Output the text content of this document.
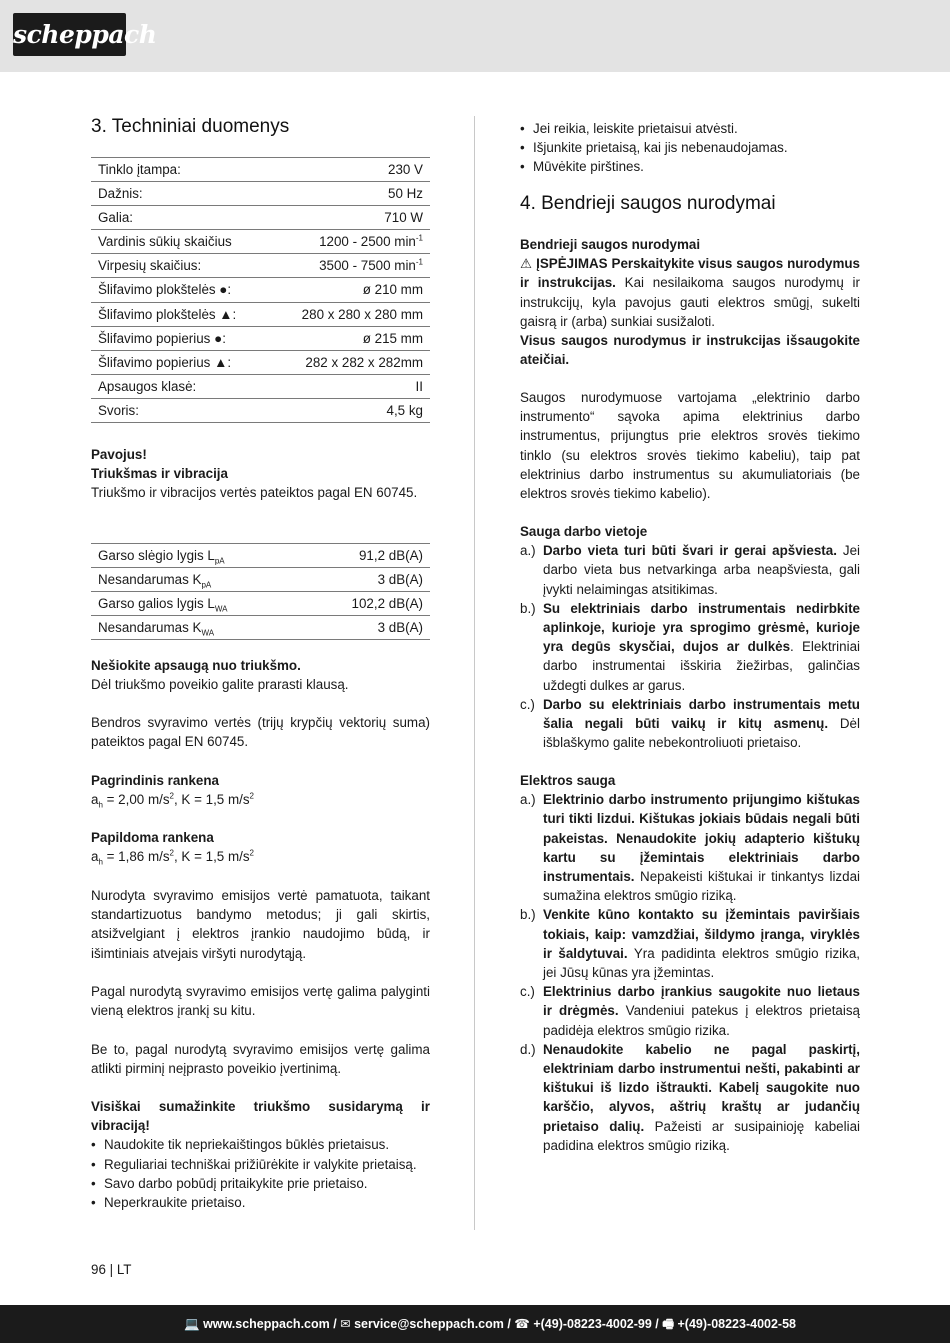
scheppach
3. Techniniai duomenys
Tinklo įtampa:	230 V
Dažnis:	50 Hz
Galia:	710 W
Vardinis sūkių skaičius	1200 - 2500 $\min^{-1}$
Virpesių skaičius:	3500 - 7500 $\min^{-1}$
Šlifavimo plokštelės ●:	ø 210 mm
Šlifavimo plokštelės ▲:	280 x 280 x 280 mm
Šlifavimo popierius ●:	ø 215 mm
Šlifavimo popierius ▲:	282 x 282 x 282mm
Apsaugos klasė:	II
Svoris:	4,5 kg
Pavojus!
Triukšmas ir vibracija
Triukšmo ir vibracijos vertės pateiktos pagal EN 60745.
Garso slėgio lygis $L_{pA}$	91,2 dB(A)
Nesandarumas $K_{pA}$	3 dB(A)
Garso galios lygis $L_{WA}$	102,2 dB(A)
Nesandarumas $K_{WA}$	3 dB(A)
Nešiokite apsaugą nuo triukšmo.
Dėl triukšmo poveikio galite prarasti klausą.
Bendros svyravimo vertės (trijų krypčių vektorių suma) pateiktos pagal EN 60745.
Pagrindinis rankena
$a_h = 2,00$ $m/s^2$, K = 1,5 $m/s^2$
Papildoma rankena
$a_h = 1,86$ $m/s^2$, K = 1,5 $m/s^2$
Nurodyta svyravimo emisijos vertė pamatuota, taikant standartizuotus bandymo metodus; ji gali skirtis, atsižvelgiant į elektros įrankio naudojimo būdą, ir išimtiniais atvejais viršyti nurodytąją.
Pagal nurodytą svyravimo emisijos vertę galima palyginti vieną elektros įrankį su kitu.
Be to, pagal nurodytą svyravimo emisijos vertę galima atlikti pirminį neįprasto poveikio įvertinimą.
Visiškai sumažinkite triukšmo susidarymą ir vibraciją!
• Naudokite tik nepriekaištingos būklės prietaisus.
• Reguliariai techniškai prižiūrėkite ir valykite prietaisą.
• Savo darbo pobūdį pritaikykite prie prietaiso.
• Neperkraukite prietaiso.
• Jei reikia, leiskite prietaisui atvėsti.
• Išjunkite prietaisą, kai jis nebenaudojamas.
• Mūvėkite pirštines.
4. Bendrieji saugos nurodymai
Bendrieji saugos nurodymai
⚠ ĮSPĖJIMAS Perskaitykite visus saugos nurodymus ir instrukcijas. Kai nesilaikoma saugos nurodymų ir instrukcijų, kyla pavojus gauti elektros smūgį, sukelti gaisrą ir (arba) sunkiai susižaloti.
Visus saugos nurodymus ir instrukcijas išsaugokite ateičiai.
Saugos nurodymuose vartojama „elektrinio darbo instrumento“ sąvoka apima elektrinius darbo instrumentus, prijungtus prie elektros srovės tiekimo tinklo (su elektros srovės tiekimo kabeliu), taip pat elektrinius darbo instrumentus su akumuliatoriais (be elektros srovės tiekimo kabelio).
Sauga darbo vietoje
a.) Darbo vieta turi būti švari ir gerai apšviesta. Jei darbo vieta bus netvarkinga arba neapšviesta, gali įvykti nelaimingas atsitikimas.
b.) Su elektriniais darbo instrumentais nedirbkite aplinkoje, kurioje yra sprogimo grėsmė, kurioje yra degūs skysčiai, dujos ar dulkės. Elektriniai darbo instrumentai išskiria žiežirbas, galinčias uždegti dulkes ar garus.
c.) Darbo su elektriniais darbo instrumentais metu šalia negali būti vaikų ir kitų asmenų. Dėl išblaškymo galite nebekontroliuoti prietaiso.
Elektros sauga
a.) Elektrinio darbo instrumento prijungimo kištukas turi tikti lizdui. Kištukas jokiais būdais negali būti pakeistas. Nenaudokite jokių adapterio kištukų kartu su įžemintais elektriniais darbo instrumentais. Nepakeisti kištukai ir tinkantys lizdai sumažina elektros smūgio riziką.
b.) Venkite kūno kontakto su įžemintais paviršiais tokiais, kaip: vamzdžiai, šildymo įranga, viryklės ir šaldytuvai. Yra padidinta elektros smūgio rizika, jei Jūsų kūnas yra įžemintas.
c.) Elektrinius darbo įrankius saugokite nuo lietaus ir drėgmės. Vandeniui patekus į elektros prietaisą padidėja elektros smūgio rizika.
d.) Nenaudokite kabelio ne pagal paskirtį, elektriniam darbo instrumentui nešti, pakabinti ar kištukui iš lizdo ištraukti. Kabelį saugokite nuo karščio, alyvos, aštrių kraštų ar judančių prietaiso dalių. Pažeisti ar susipainioję kabeliai padidina elektros smūgio riziką.
96 | LT
💻 www.scheppach.com / ✉ service@scheppach.com / ☎ +(49)-08223-4002-99 / 🖷 +(49)-08223-4002-58
